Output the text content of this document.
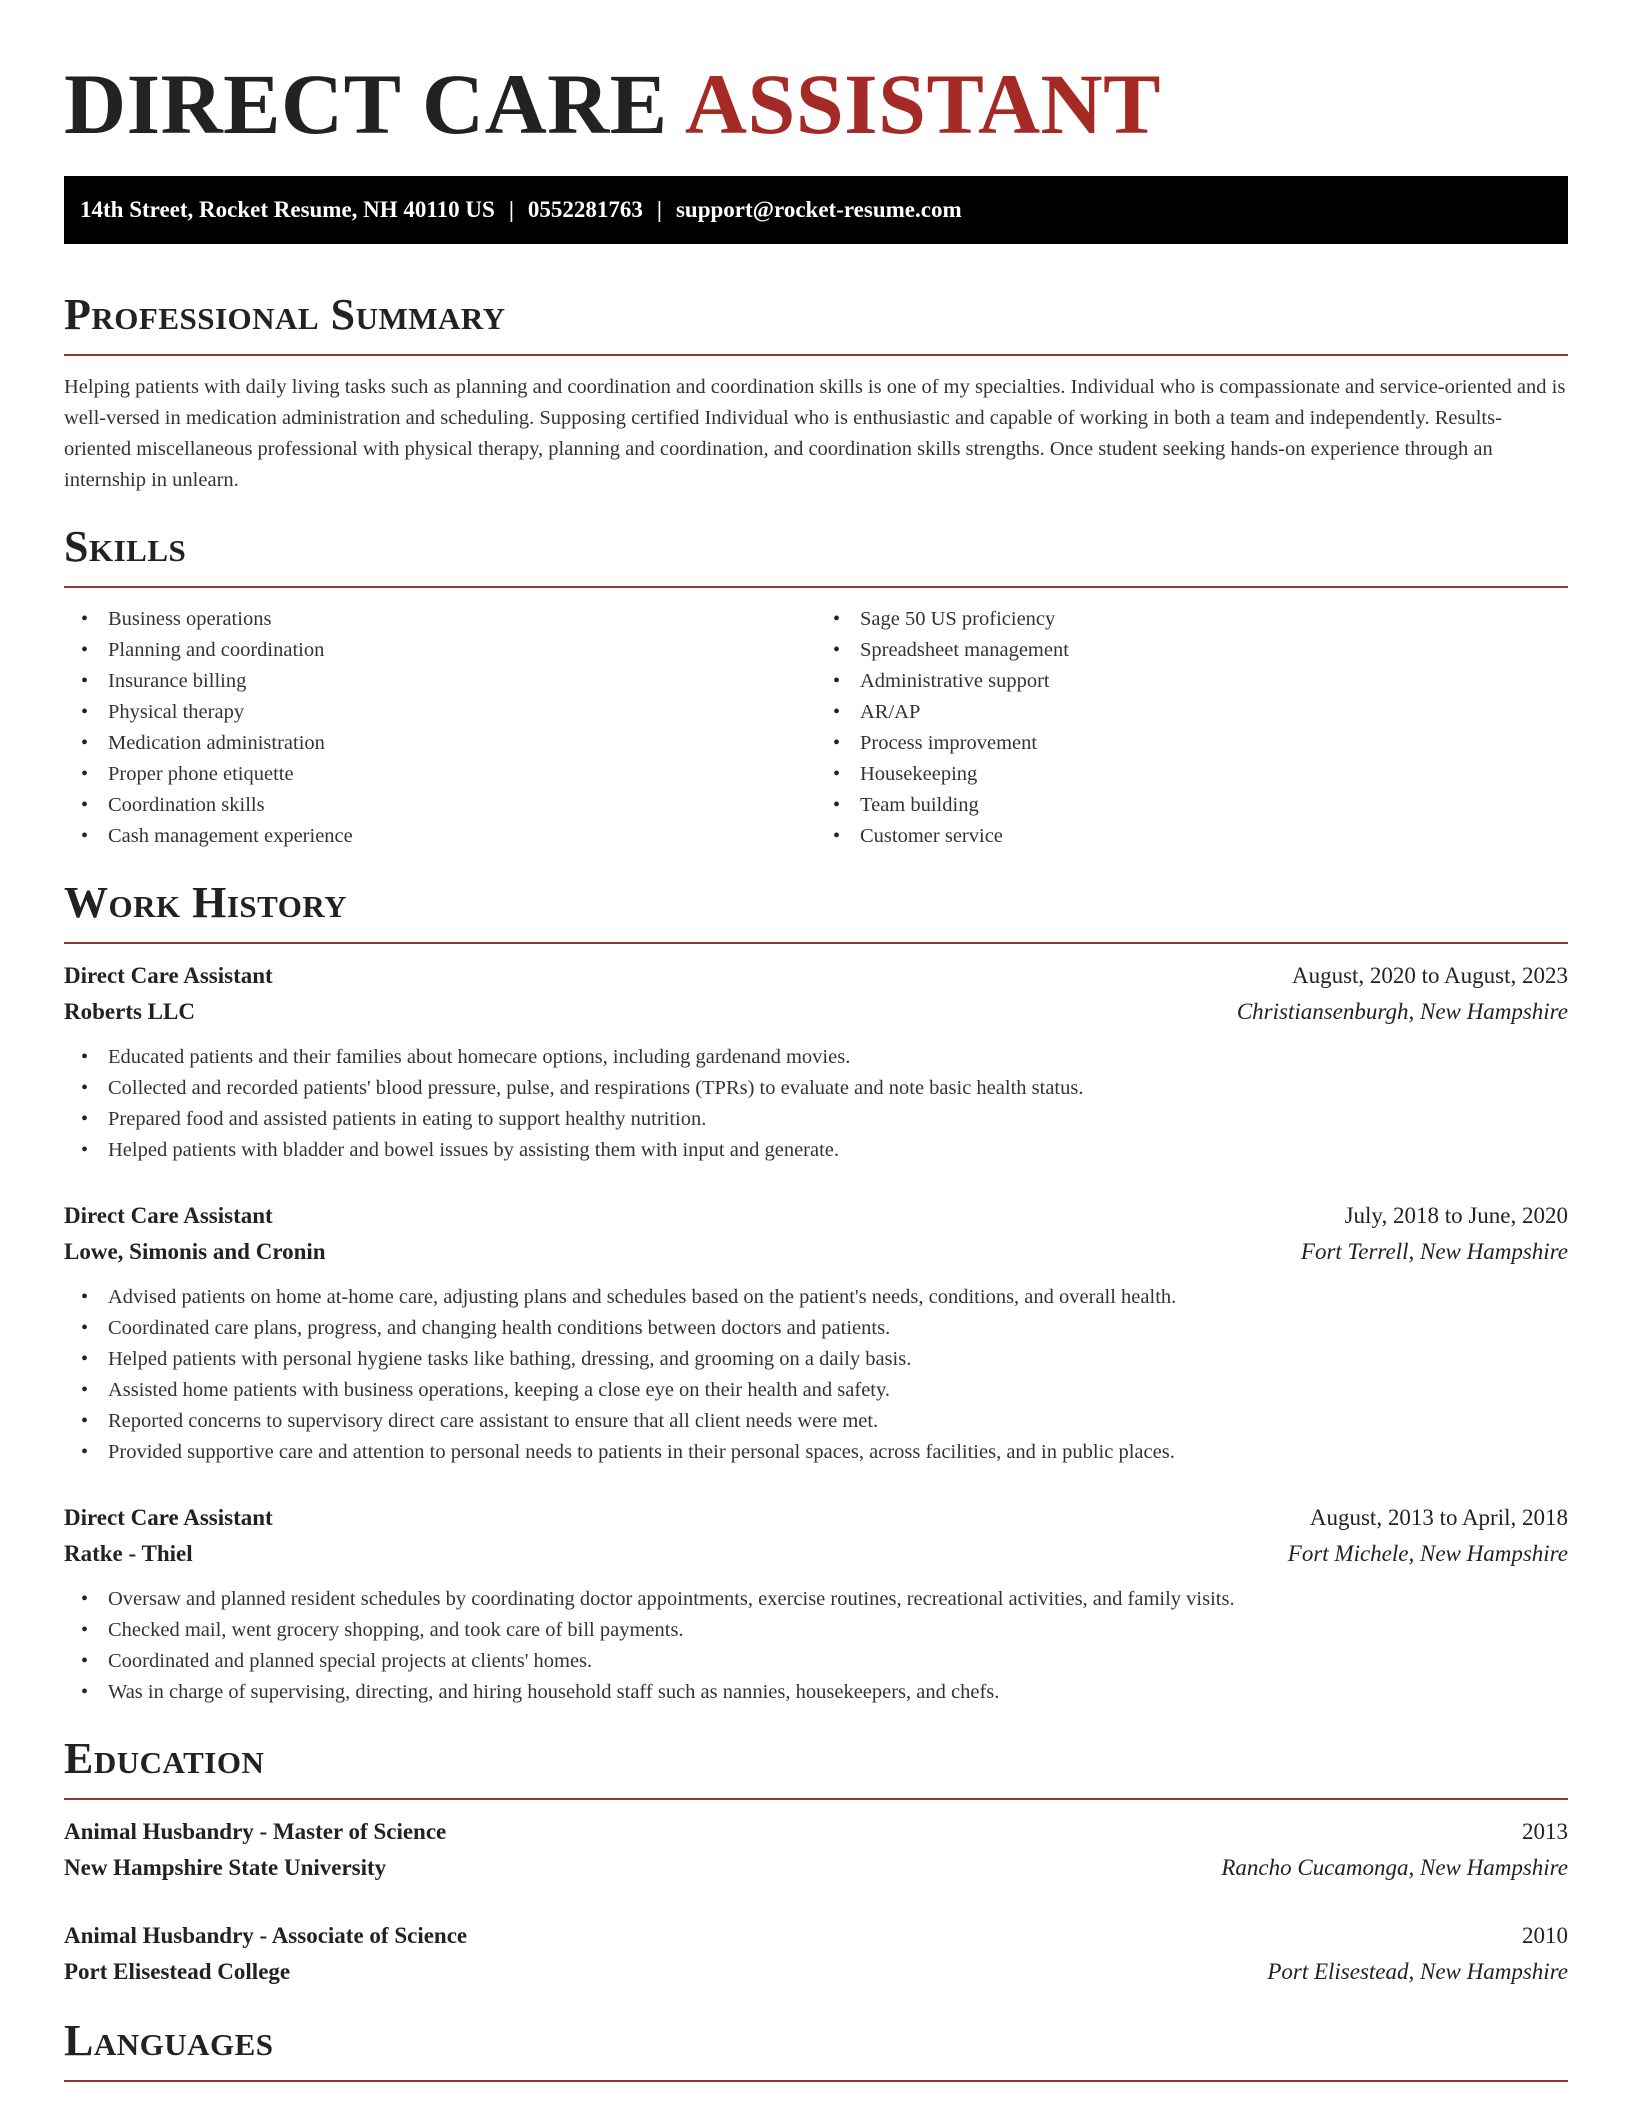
DIRECT CARE ASSISTANT
14th Street, Rocket Resume, NH 40110 US | 0552281763 | support@rocket-resume.com
Professional Summary

Helping patients with daily living tasks such as planning and coordination and coordination skills is one of my specialties. Individual who is compassionate and service-oriented and is well-versed in medication administration and scheduling. Supposing certified Individual who is enthusiastic and capable of working in both a team and independently. Results-oriented miscellaneous professional with physical therapy, planning and coordination, and coordination skills strengths. Once student seeking hands-on experience through an internship in unlearn.

Skills
• Business operations
• Planning and coordination
• Insurance billing
• Physical therapy
• Medication administration
• Proper phone etiquette
• Coordination skills
• Cash management experience
• Sage 50 US proficiency
• Spreadsheet management
• Administrative support
• AR/AP
• Process improvement
• Housekeeping
• Team building
• Customer service
Work History
Direct Care Assistant	August, 2020 to August, 2023
Roberts LLC	Christiansenburgh, New Hampshire
• Educated patients and their families about homecare options, including gardenand movies.
• Collected and recorded patients' blood pressure, pulse, and respirations (TPRs) to evaluate and note basic health status.
• Prepared food and assisted patients in eating to support healthy nutrition.
• Helped patients with bladder and bowel issues by assisting them with input and generate.
Direct Care Assistant	July, 2018 to June, 2020
Lowe, Simonis and Cronin	Fort Terrell, New Hampshire
• Advised patients on home at-home care, adjusting plans and schedules based on the patient's needs, conditions, and overall health.
• Coordinated care plans, progress, and changing health conditions between doctors and patients.
• Helped patients with personal hygiene tasks like bathing, dressing, and grooming on a daily basis.
• Assisted home patients with business operations, keeping a close eye on their health and safety.
• Reported concerns to supervisory direct care assistant to ensure that all client needs were met.
• Provided supportive care and attention to personal needs to patients in their personal spaces, across facilities, and in public places.
Direct Care Assistant	August, 2013 to April, 2018
Ratke - Thiel	Fort Michele, New Hampshire
• Oversaw and planned resident schedules by coordinating doctor appointments, exercise routines, recreational activities, and family visits.
• Checked mail, went grocery shopping, and took care of bill payments.
• Coordinated and planned special projects at clients' homes.
• Was in charge of supervising, directing, and hiring household staff such as nannies, housekeepers, and chefs.
Education
Animal Husbandry - Master of Science	2013
New Hampshire State University	Rancho Cucamonga, New Hampshire
Animal Husbandry - Associate of Science	2010
Port Elisestead College	Port Elisestead, New Hampshire
Languages
